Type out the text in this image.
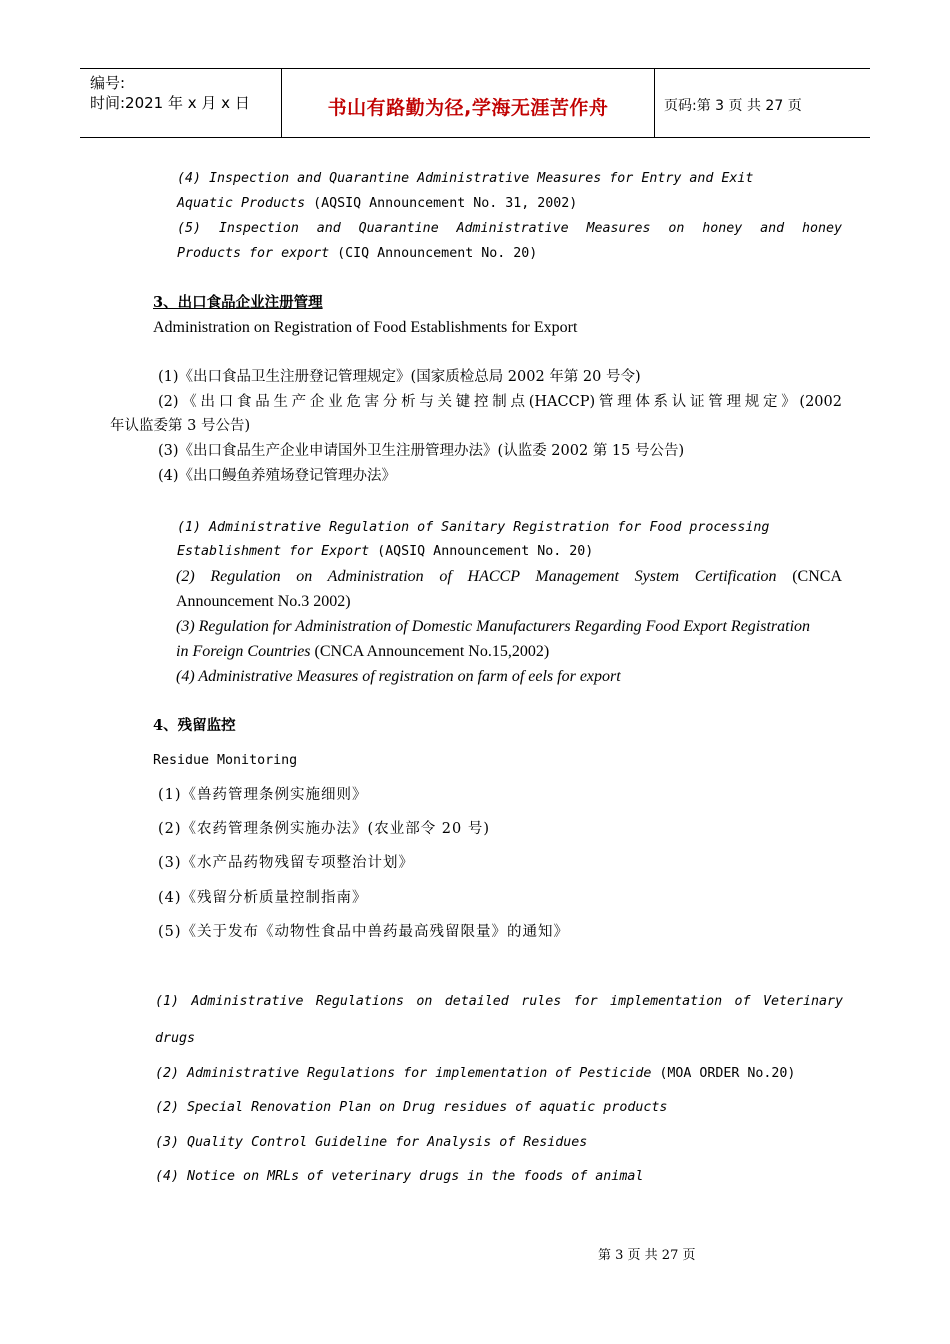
编号:
时间:2021 年 x 月 x 日	书山有路勤为径,学海无涯苦作舟	页码:第 3 页 共 27 页
(4) Inspection and Quarantine Administrative Measures for Entry and Exit
Aquatic Products (AQSIQ Announcement No. 31, 2002)
(5) Inspection and Quarantine Administrative Measures on honey and honey
Products for export (CIQ Announcement No. 20)
3、出口食品企业注册管理
Administration on Registration of Food Establishments for Export
(1)《出口食品卫生注册登记管理规定》(国家质检总局 2002 年第 20 号令)
(2)《出口食品生产企业危害分析与关键控制点(HACCP)管理体系认证管理规定》(2002
年认监委第 3 号公告)
(3)《出口食品生产企业申请国外卫生注册管理办法》(认监委 2002 第 15 号公告)
(4)《出口鳗鱼养殖场登记管理办法》
(1) Administrative Regulation of Sanitary Registration for Food processing
Establishment for Export (AQSIQ Announcement No. 20)
(2) Regulation on Administration of HACCP Management System Certification (CNCA
Announcement No.3 2002)
(3) Regulation for Administration of Domestic Manufacturers Regarding Food Export Registration
in Foreign Countries (CNCA Announcement No.15,2002)
(4) Administrative Measures of registration on farm of eels for export
4、残留监控
Residue Monitoring
(1)《兽药管理条例实施细则》
(2)《农药管理条例实施办法》(农业部令 20 号)
(3)《水产品药物残留专项整治计划》
(4)《残留分析质量控制指南》
(5)《关于发布《动物性食品中兽药最高残留限量》的通知》
(1) Administrative Regulations on detailed rules for implementation of Veterinary
drugs
(2) Administrative Regulations for implementation of Pesticide (MOA ORDER No.20)
(2) Special Renovation Plan on Drug residues of aquatic products
(3) Quality Control Guideline for Analysis of Residues
(4) Notice on MRLs of veterinary drugs in the foods of animal
第 3 页 共 27 页
